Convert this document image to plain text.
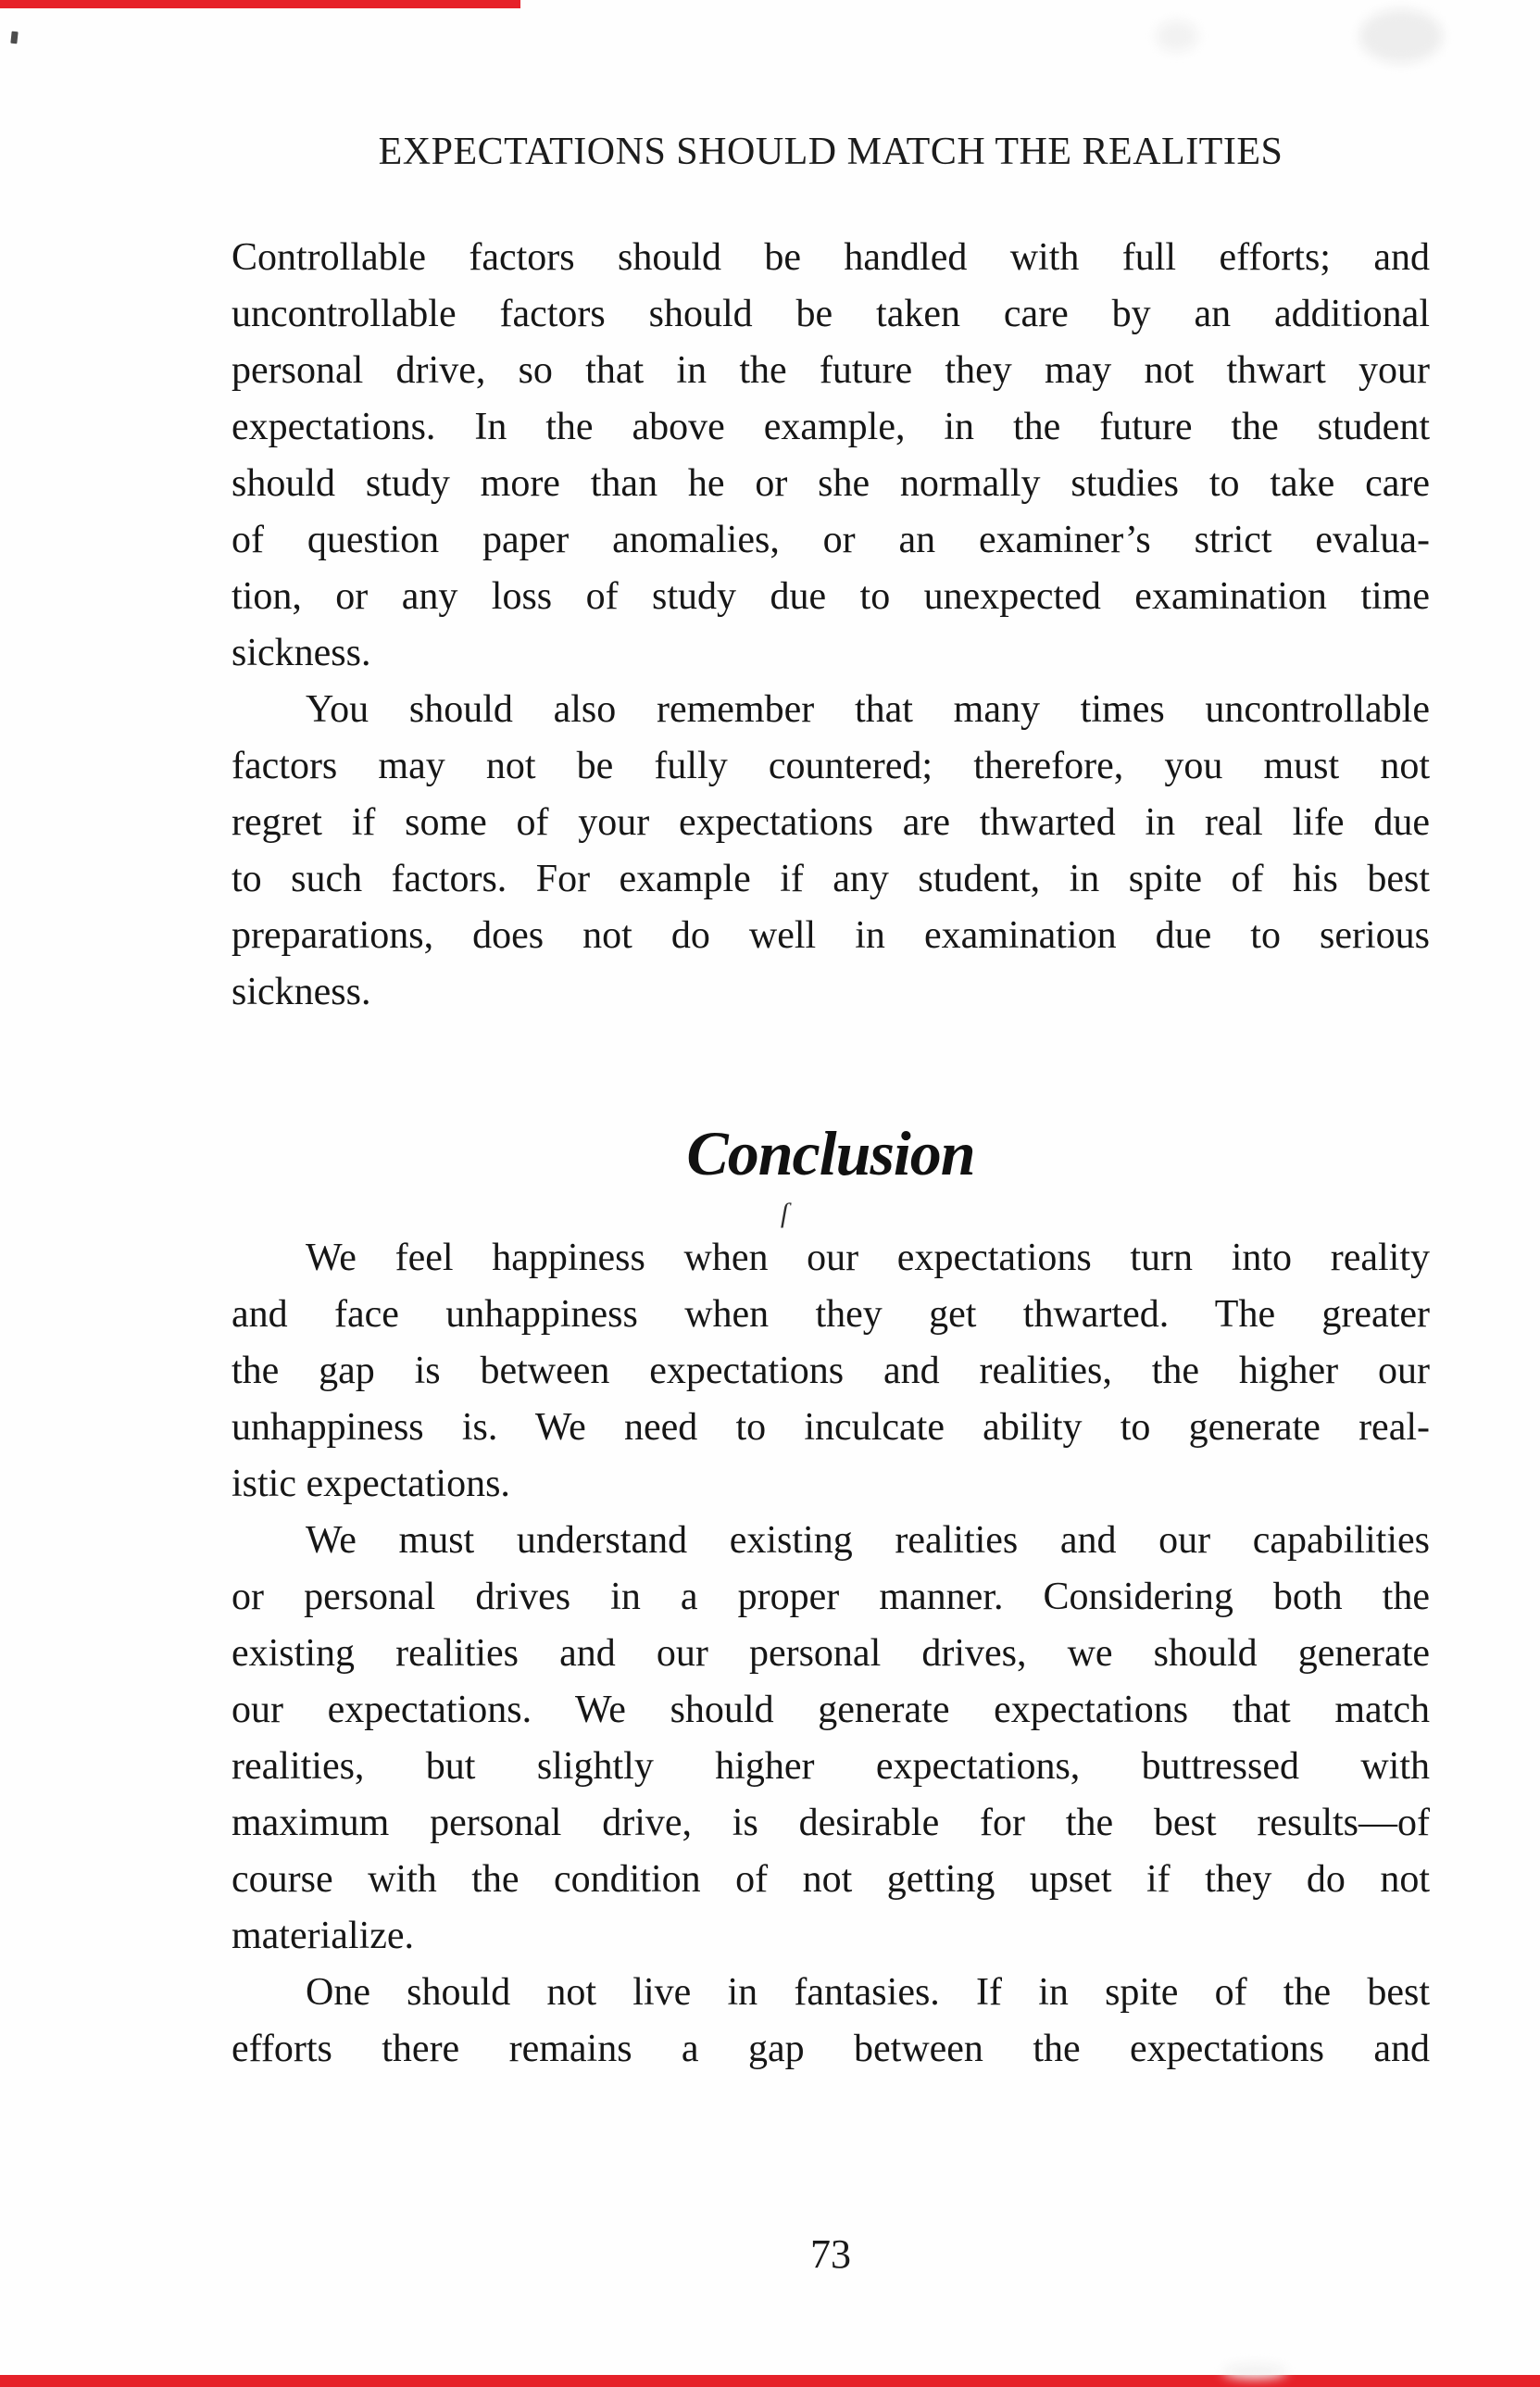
EXPECTATIONS SHOULD MATCH THE REALITIES
Controllable factors should be handled with full efforts; and
uncontrollable factors should be taken care by an additional
personal drive, so that in the future they may not thwart your
expectations. In the above example, in the future the student
should study more than he or she normally studies to take care
of question paper anomalies, or an examiner’s strict evalua-
tion, or any loss of study due to unexpected examination time
sickness.
You should also remember that many times uncontrollable
factors may not be fully countered; therefore, you must not
regret if some of your expectations are thwarted in real life due
to such factors. For example if any student, in spite of his best
preparations, does not do well in examination due to serious
sickness.
Conclusion
ſ
We feel happiness when our expectations turn into reality
and face unhappiness when they get thwarted. The greater
the gap is between expectations and realities, the higher our
unhappiness is. We need to inculcate ability to generate real-
istic expectations.
We must understand existing realities and our capabilities
or personal drives in a proper manner. Considering both the
existing realities and our personal drives, we should generate
our expectations. We should generate expectations that match
realities, but slightly higher expectations, buttressed with
maximum personal drive, is desirable for the best results—of
course with the condition of not getting upset if they do not
materialize.
One should not live in fantasies. If in spite of the best
efforts there remains a gap between the expectations and
73
